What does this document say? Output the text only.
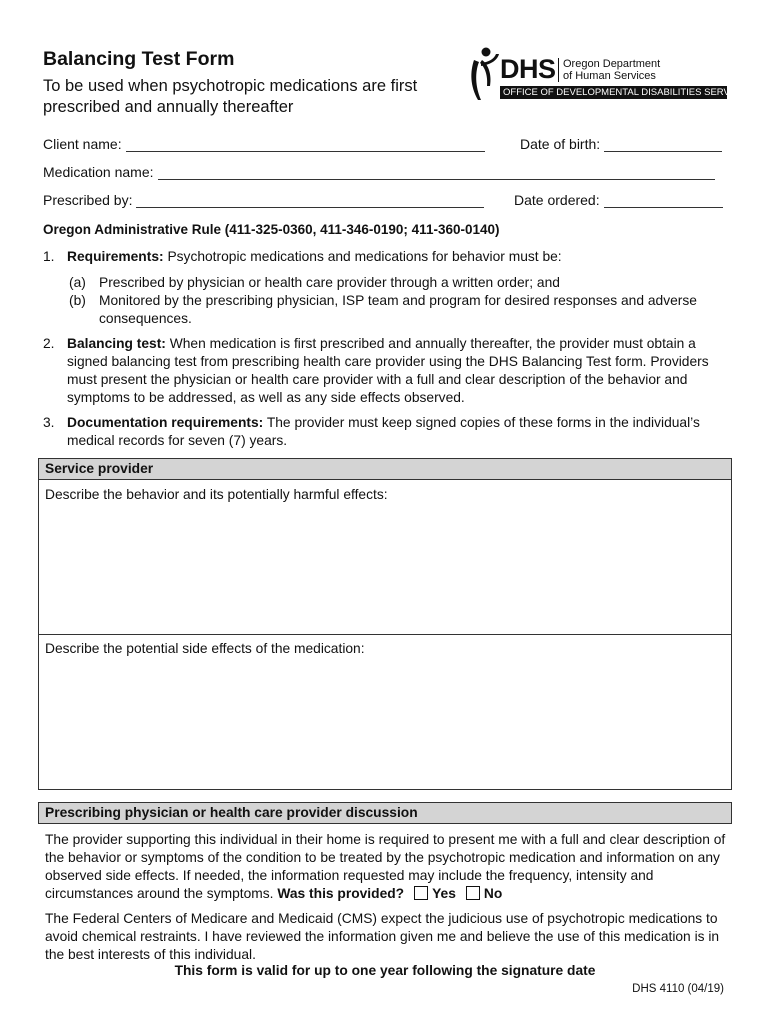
Balancing Test Form
To be used when psychotropic medications are first prescribed and annually thereafter
DHS Oregon Department
of Human Services
OFFICE OF DEVELOPMENTAL DISABILITIES SERVICES
Client name:	Date of birth:
Medication name:
Prescribed by:	Date ordered:
Oregon Administrative Rule (411-325-0360, 411-346-0190; 411-360-0140)
1. Requirements: Psychotropic medications and medications for behavior must be:
(a) Prescribed by physician or health care provider through a written order; and
(b) Monitored by the prescribing physician, ISP team and program for desired responses and adverse consequences.
2. Balancing test: When medication is first prescribed and annually thereafter, the provider must obtain a signed balancing test from prescribing health care provider using the DHS Balancing Test form. Providers must present the physician or health care provider with a full and clear description of the behavior and symptoms to be addressed, as well as any side effects observed.
3. Documentation requirements: The provider must keep signed copies of these forms in the individual’s medical records for seven (7) years.
Service provider
Describe the behavior and its potentially harmful effects:
Describe the potential side effects of the medication:
Prescribing physician or health care provider discussion
The provider supporting this individual in their home is required to present me with a full and clear description of the behavior or symptoms of the condition to be treated by the psychotropic medication and information on any observed side effects. If needed, the information requested may include the frequency, intensity and circumstances around the symptoms. Was this provided? Yes No
The Federal Centers of Medicare and Medicaid (CMS) expect the judicious use of psychotropic medications to avoid chemical restraints. I have reviewed the information given me and believe the use of this medication is in the best interests of this individual.
This form is valid for up to one year following the signature date
DHS 4110 (04/19)
